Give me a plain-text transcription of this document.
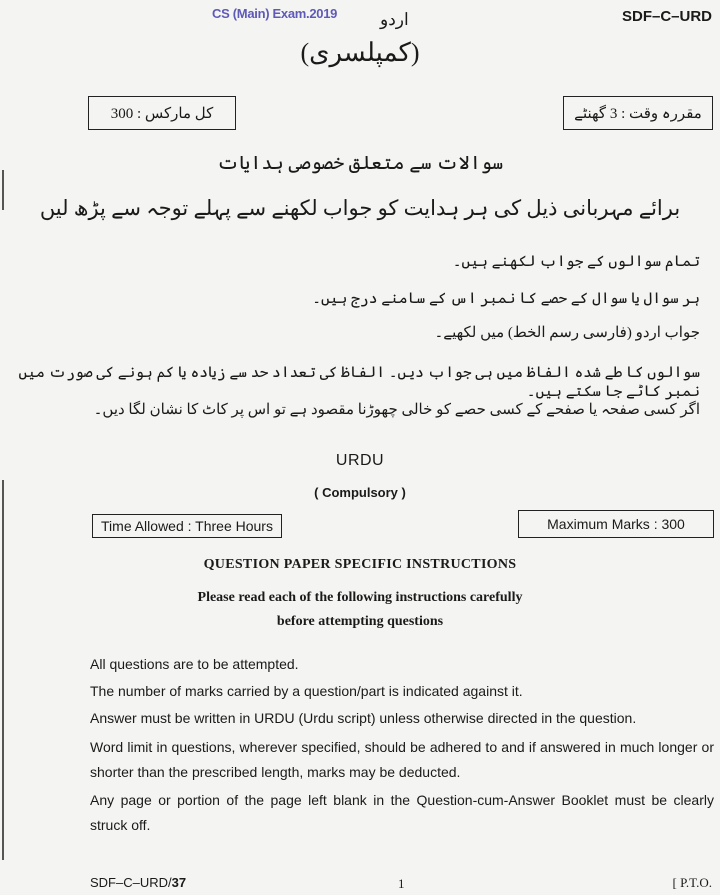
CS (Main) Exam.2019	اردو	SDF–C–URD
(کمپلسری)
کل مارکس : 300	مقررہ وقت : 3 گھنٹے
سوالات سے متعلق خصوصی ہدایات
برائے مہربانی ذیل کی ہر ہدایت کو جواب لکھنے سے پہلے توجہ سے پڑھ لیں
تمام سوالوں کے جواب لکھنے ہیں۔
ہر سوال یا سوال کے حصے کا نمبر اس کے سامنے درج ہیں۔
جواب اردو (فارسی رسم الخط) میں لکھیے۔
سوالوں کا طے شدہ الفاظ میں ہی جواب دیں۔ الفاظ کی تعداد حد سے زیادہ یا کم ہونے کی صورت میں نمبر کاٹے جا سکتے ہیں۔
اگر کسی صفحہ یا صفحے کے کسی حصے کو خالی چھوڑنا مقصود ہے تو اس پر کاٹ کا نشان لگا دیں۔
URDU
( Compulsory )
Time Allowed : Three Hours	Maximum Marks : 300
QUESTION PAPER SPECIFIC INSTRUCTIONS
Please read each of the following instructions carefully
before attempting questions
All questions are to be attempted.
The number of marks carried by a question/part is indicated against it.
Answer must be written in URDU (Urdu script) unless otherwise directed in the question.
Word limit in questions, wherever specified, should be adhered to and if answered in much longer or shorter than the prescribed length, marks may be deducted.
Any page or portion of the page left blank in the Question-cum-Answer Booklet must be clearly struck off.
SDF–C–URD/37	1	[ P.T.O.
